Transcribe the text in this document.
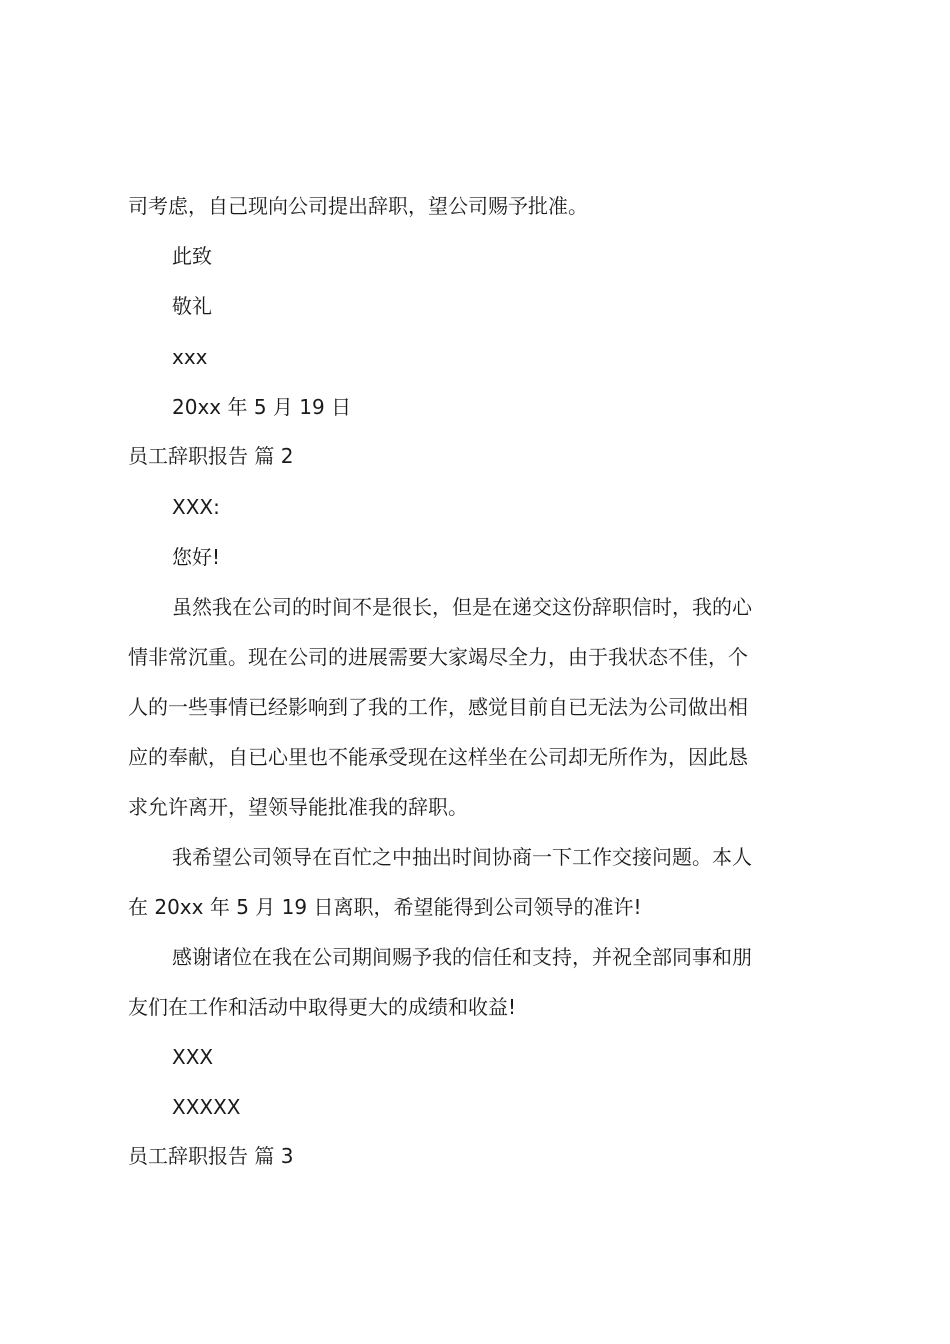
司考虑，自己现向公司提出辞职，望公司赐予批准。
此致
敬礼
xxx
20xx 年 5 月 19 日
员工辞职报告 篇 2
XXX:
您好!
虽然我在公司的时间不是很长，但是在递交这份辞职信时，我的心
情非常沉重。现在公司的进展需要大家竭尽全力，由于我状态不佳，个
人的一些事情已经影响到了我的工作，感觉目前自已无法为公司做出相
应的奉献，自已心里也不能承受现在这样坐在公司却无所作为，因此恳
求允许离开，望领导能批准我的辞职。
我希望公司领导在百忙之中抽出时间协商一下工作交接问题。本人
在 20xx 年 5 月 19 日离职，希望能得到公司领导的准许!
感谢诸位在我在公司期间赐予我的信任和支持，并祝全部同事和朋
友们在工作和活动中取得更大的成绩和收益!
XXX
XXXXX
员工辞职报告 篇 3
